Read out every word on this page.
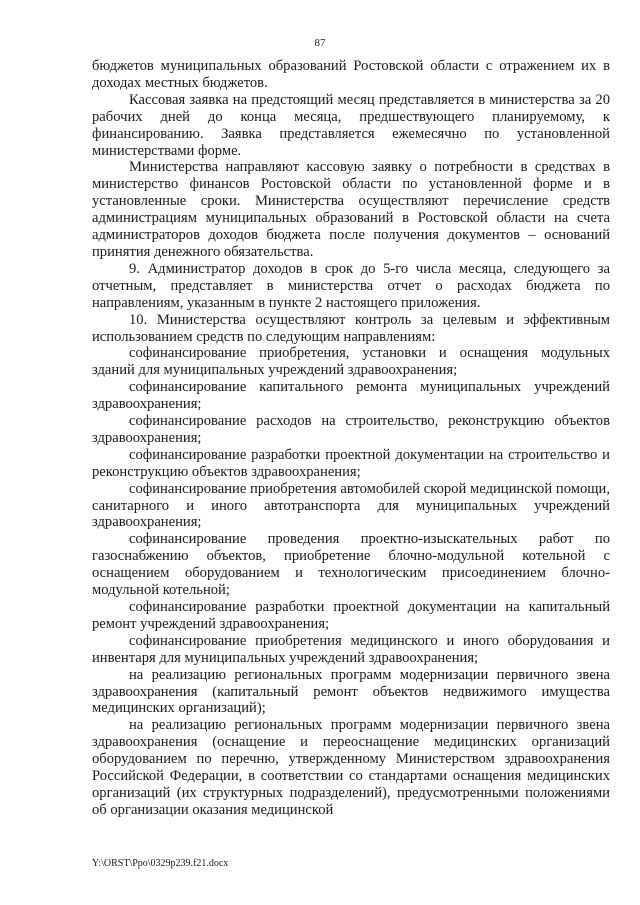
87

бюджетов муниципальных образований Ростовской области с отражением их в доходах местных бюджетов.

Кассовая заявка на предстоящий месяц представляется в министерства за 20 рабочих дней до конца месяца, предшествующего планируемому, к финансированию. Заявка представляется ежемесячно по установленной министерствами форме.

Министерства направляют кассовую заявку о потребности в средствах в министерство финансов Ростовской области по установленной форме и в установленные сроки. Министерства осуществляют перечисление средств администрациям муниципальных образований в Ростовской области на счета администраторов доходов бюджета после получения документов – оснований принятия денежного обязательства.

9. Администратор доходов в срок до 5-го числа месяца, следующего за отчетным, представляет в министерства отчет о расходах бюджета по направлениям, указанным в пункте 2 настоящего приложения.

10. Министерства осуществляют контроль за целевым и эффективным использованием средств по следующим направлениям:

софинансирование приобретения, установки и оснащения модульных зданий для муниципальных учреждений здравоохранения;

софинансирование капитального ремонта муниципальных учреждений здравоохранения;

софинансирование расходов на строительство, реконструкцию объектов здравоохранения;

софинансирование разработки проектной документации на строительство и реконструкцию объектов здравоохранения;

софинансирование приобретения автомобилей скорой медицинской помощи, санитарного и иного автотранспорта для муниципальных учреждений здравоохранения;

софинансирование проведения проектно-изыскательных работ по газоснабжению объектов, приобретение блочно-модульной котельной с оснащением оборудованием и технологическим присоединением блочно-модульной котельной;

софинансирование разработки проектной документации на капитальный ремонт учреждений здравоохранения;

софинансирование приобретения медицинского и иного оборудования и инвентаря для муниципальных учреждений здравоохранения;

на реализацию региональных программ модернизации первичного звена здравоохранения (капитальный ремонт объектов недвижимого имущества медицинских организаций);

на реализацию региональных программ модернизации первичного звена здравоохранения (оснащение и переоснащение медицинских организаций оборудованием по перечню, утвержденному Министерством здравоохранения Российской Федерации, в соответствии со стандартами оснащения медицинских организаций (их структурных подразделений), предусмотренными положениями об организации оказания медицинской

Y:\ORST\Ppo\0329p239.f21.docx
